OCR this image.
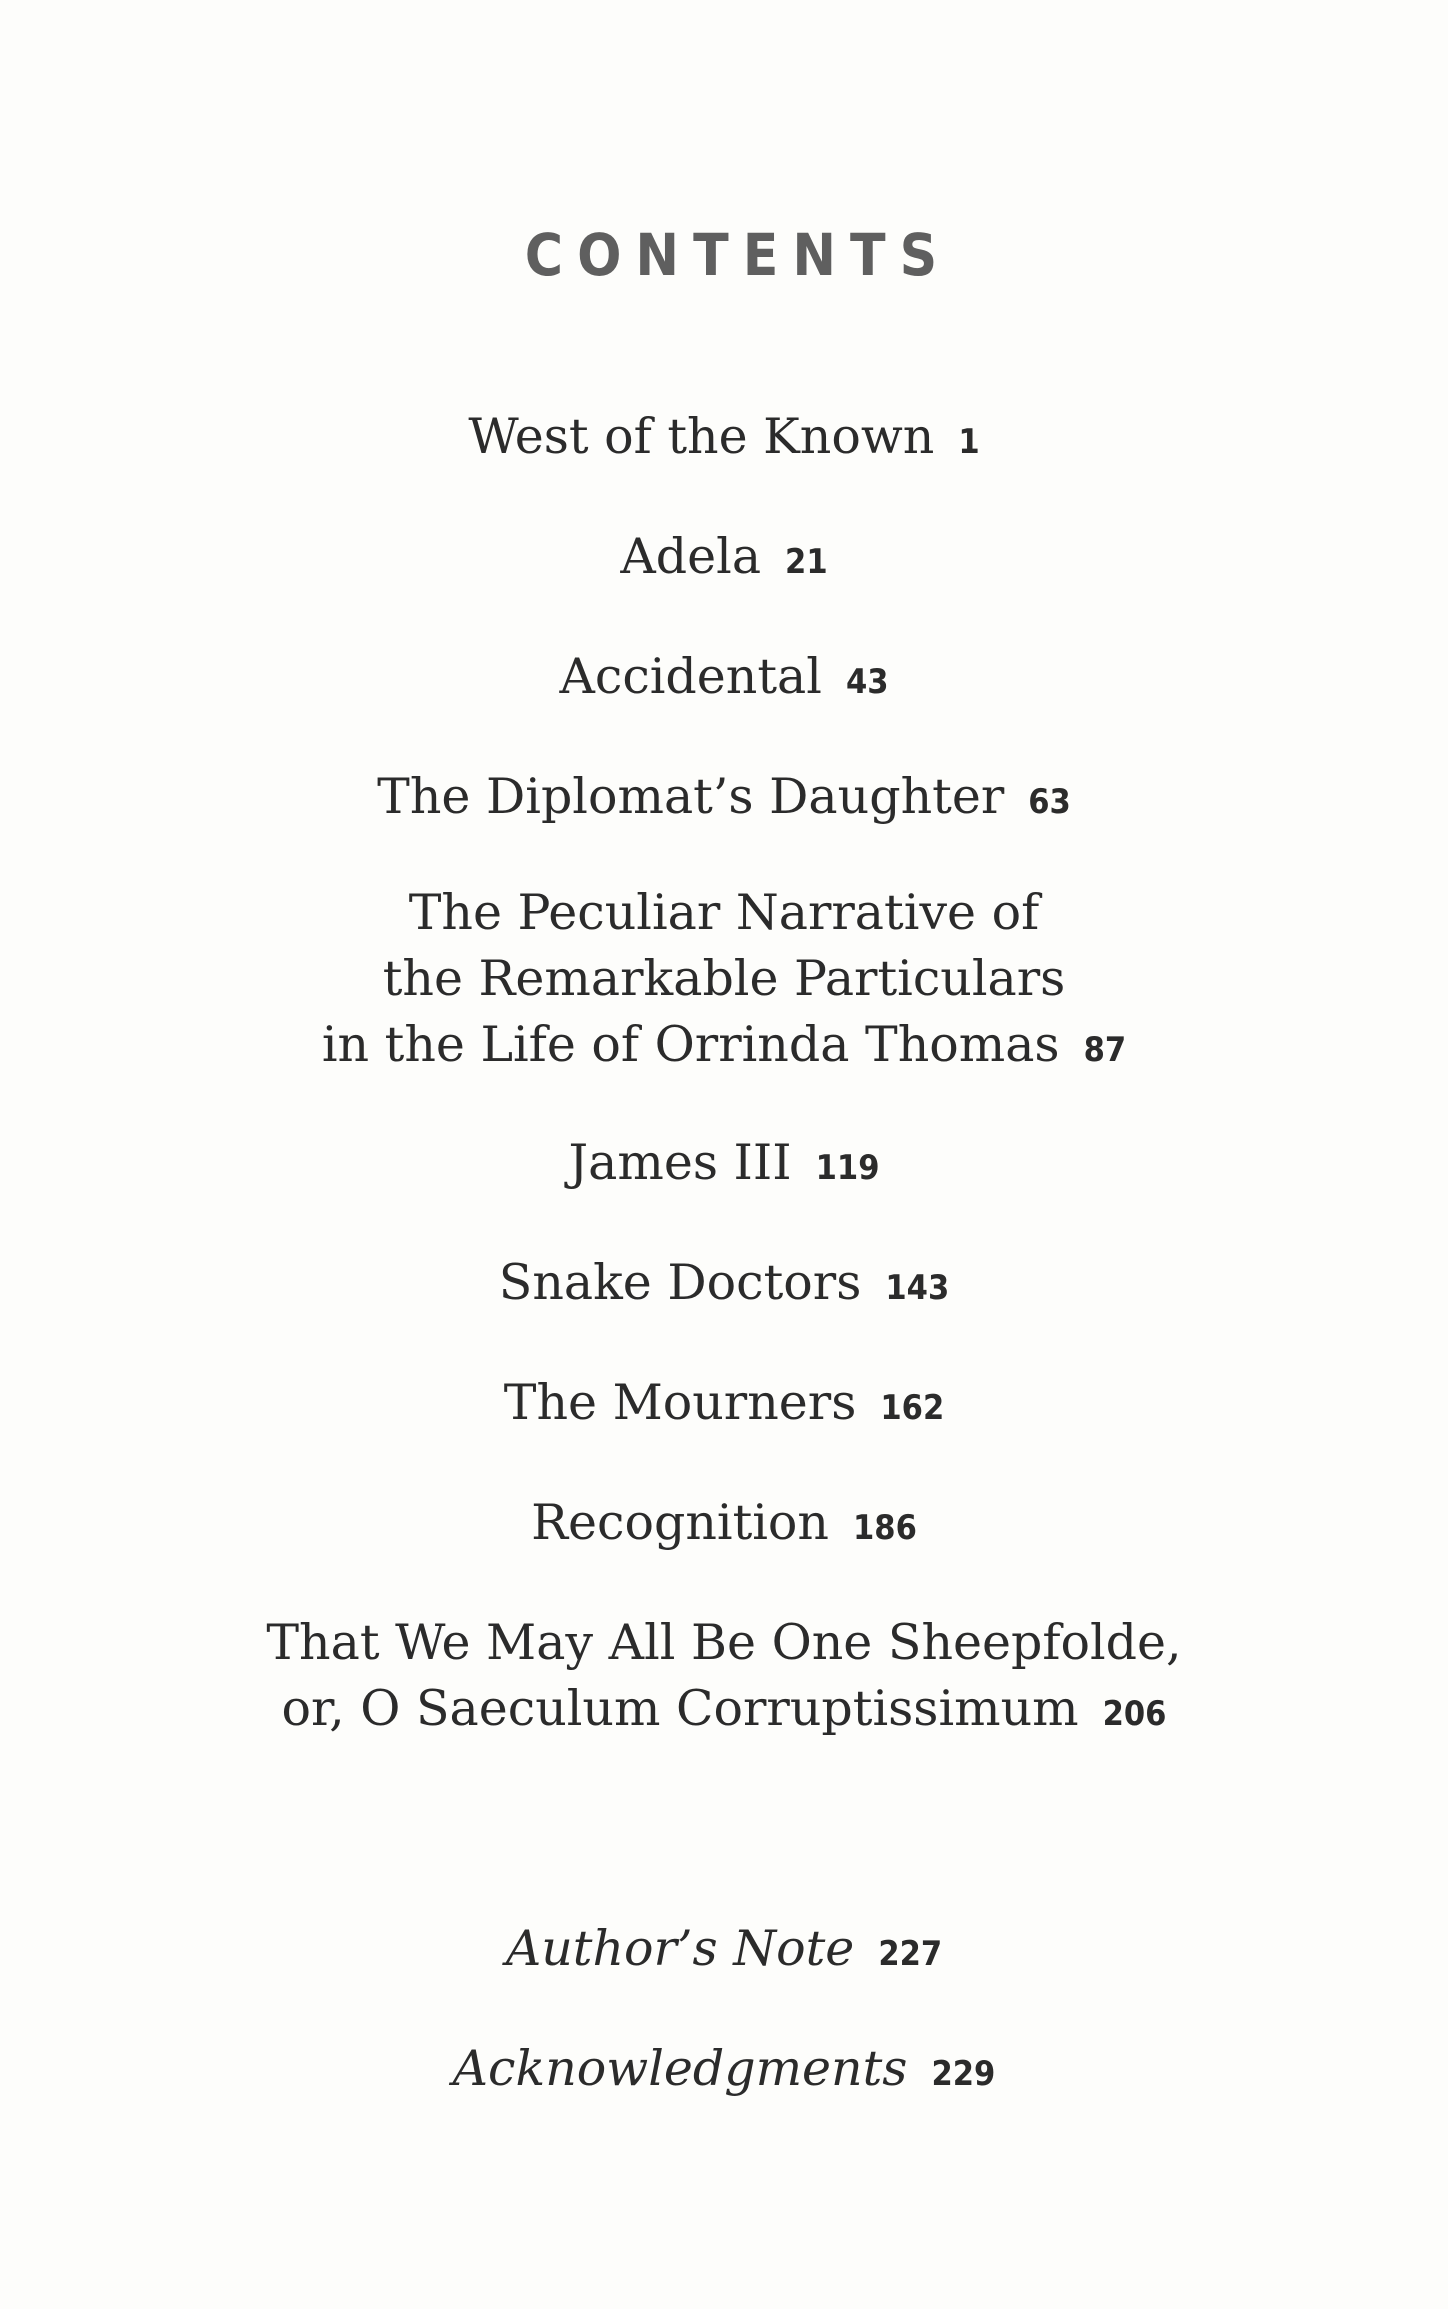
CONTENTS
West of the Known 1
Adela 21
Accidental 43
The Diplomat’s Daughter 63
The Peculiar Narrative of
the Remarkable Particulars
in the Life of Orrinda Thomas 87
James III 119
Snake Doctors 143
The Mourners 162
Recognition 186
That We May All Be One Sheepfolde,
or, O Saeculum Corruptissimum 206
Author’s Note 227
Acknowledgments 229
